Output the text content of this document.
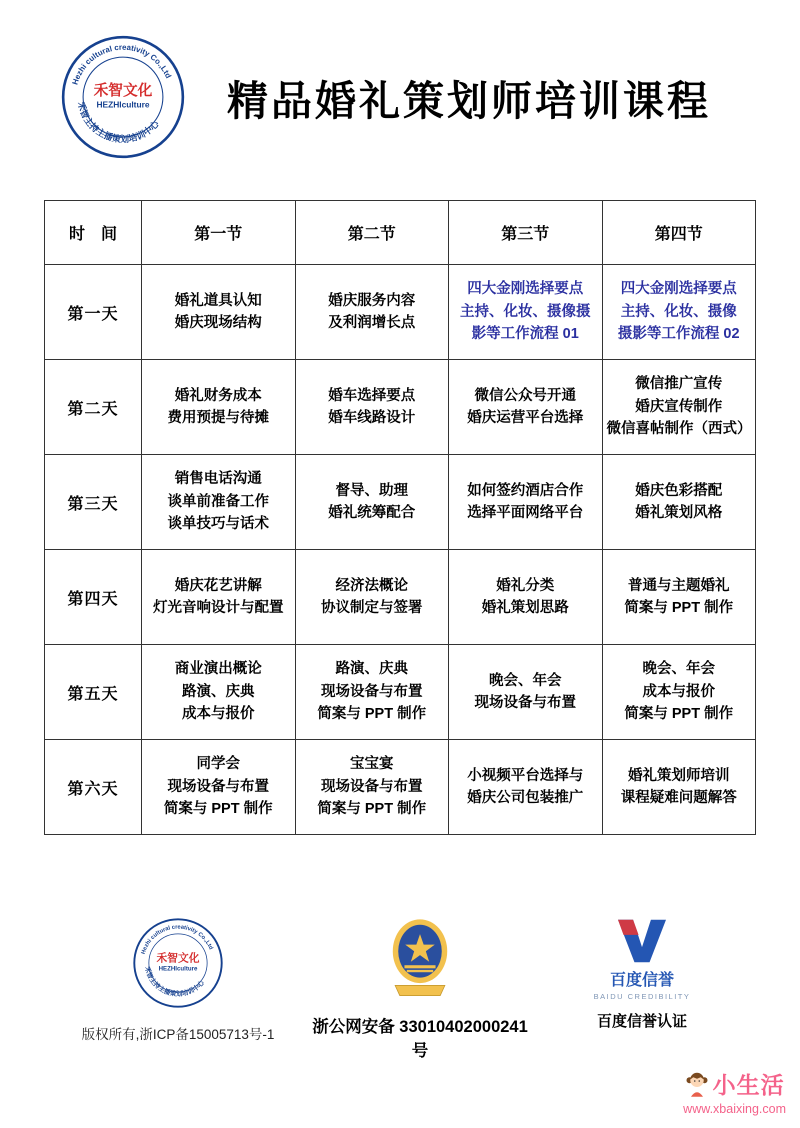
Hezhi cultural creativity Co.,Ltd
禾智文化
HEZHIculture
禾智主持主播策划培训中心
精品婚礼策划师培训课程
时　间	第一节	第二节	第三节	第四节
第一天	
婚礼道具认知
婚庆现场结构

婚庆服务内容
及利润增长点

四大金刚选择要点
主持、化妆、摄像摄
影等工作流程 01

四大金刚选择要点
主持、化妆、摄像
摄影等工作流程 02

第二天	
婚礼财务成本
费用预提与待摊

婚车选择要点
婚车线路设计

微信公众号开通
婚庆运营平台选择

微信推广宣传
婚庆宣传制作
微信喜帖制作（西式）

第三天	
销售电话沟通
谈单前准备工作
谈单技巧与话术

督导、助理
婚礼统筹配合

如何签约酒店合作
选择平面网络平台

婚庆色彩搭配
婚礼策划风格

第四天	
婚庆花艺讲解
灯光音响设计与配置

经济法概论
协议制定与签署

婚礼分类
婚礼策划思路

普通与主题婚礼
简案与 PPT 制作

第五天	
商业演出概论
路演、庆典
成本与报价

路演、庆典
现场设备与布置
简案与 PPT 制作

晚会、年会
现场设备与布置

晚会、年会
成本与报价
简案与 PPT 制作

第六天	
同学会
现场设备与布置
简案与 PPT 制作

宝宝宴
现场设备与布置
简案与 PPT 制作

小视频平台选择与
婚庆公司包装推广

婚礼策划师培训
课程疑难问题解答
Hezhi cultural creativity Co.,Ltd
禾智文化
HEZHIculture
禾智主持主播策划培训中心
版权所有,浙ICP备15005713号-1	浙公网安备 33010402000241号
百度信誉
BAIDU CREDIBILITY
百度信誉认证
小生活
www.xbaixing.com
